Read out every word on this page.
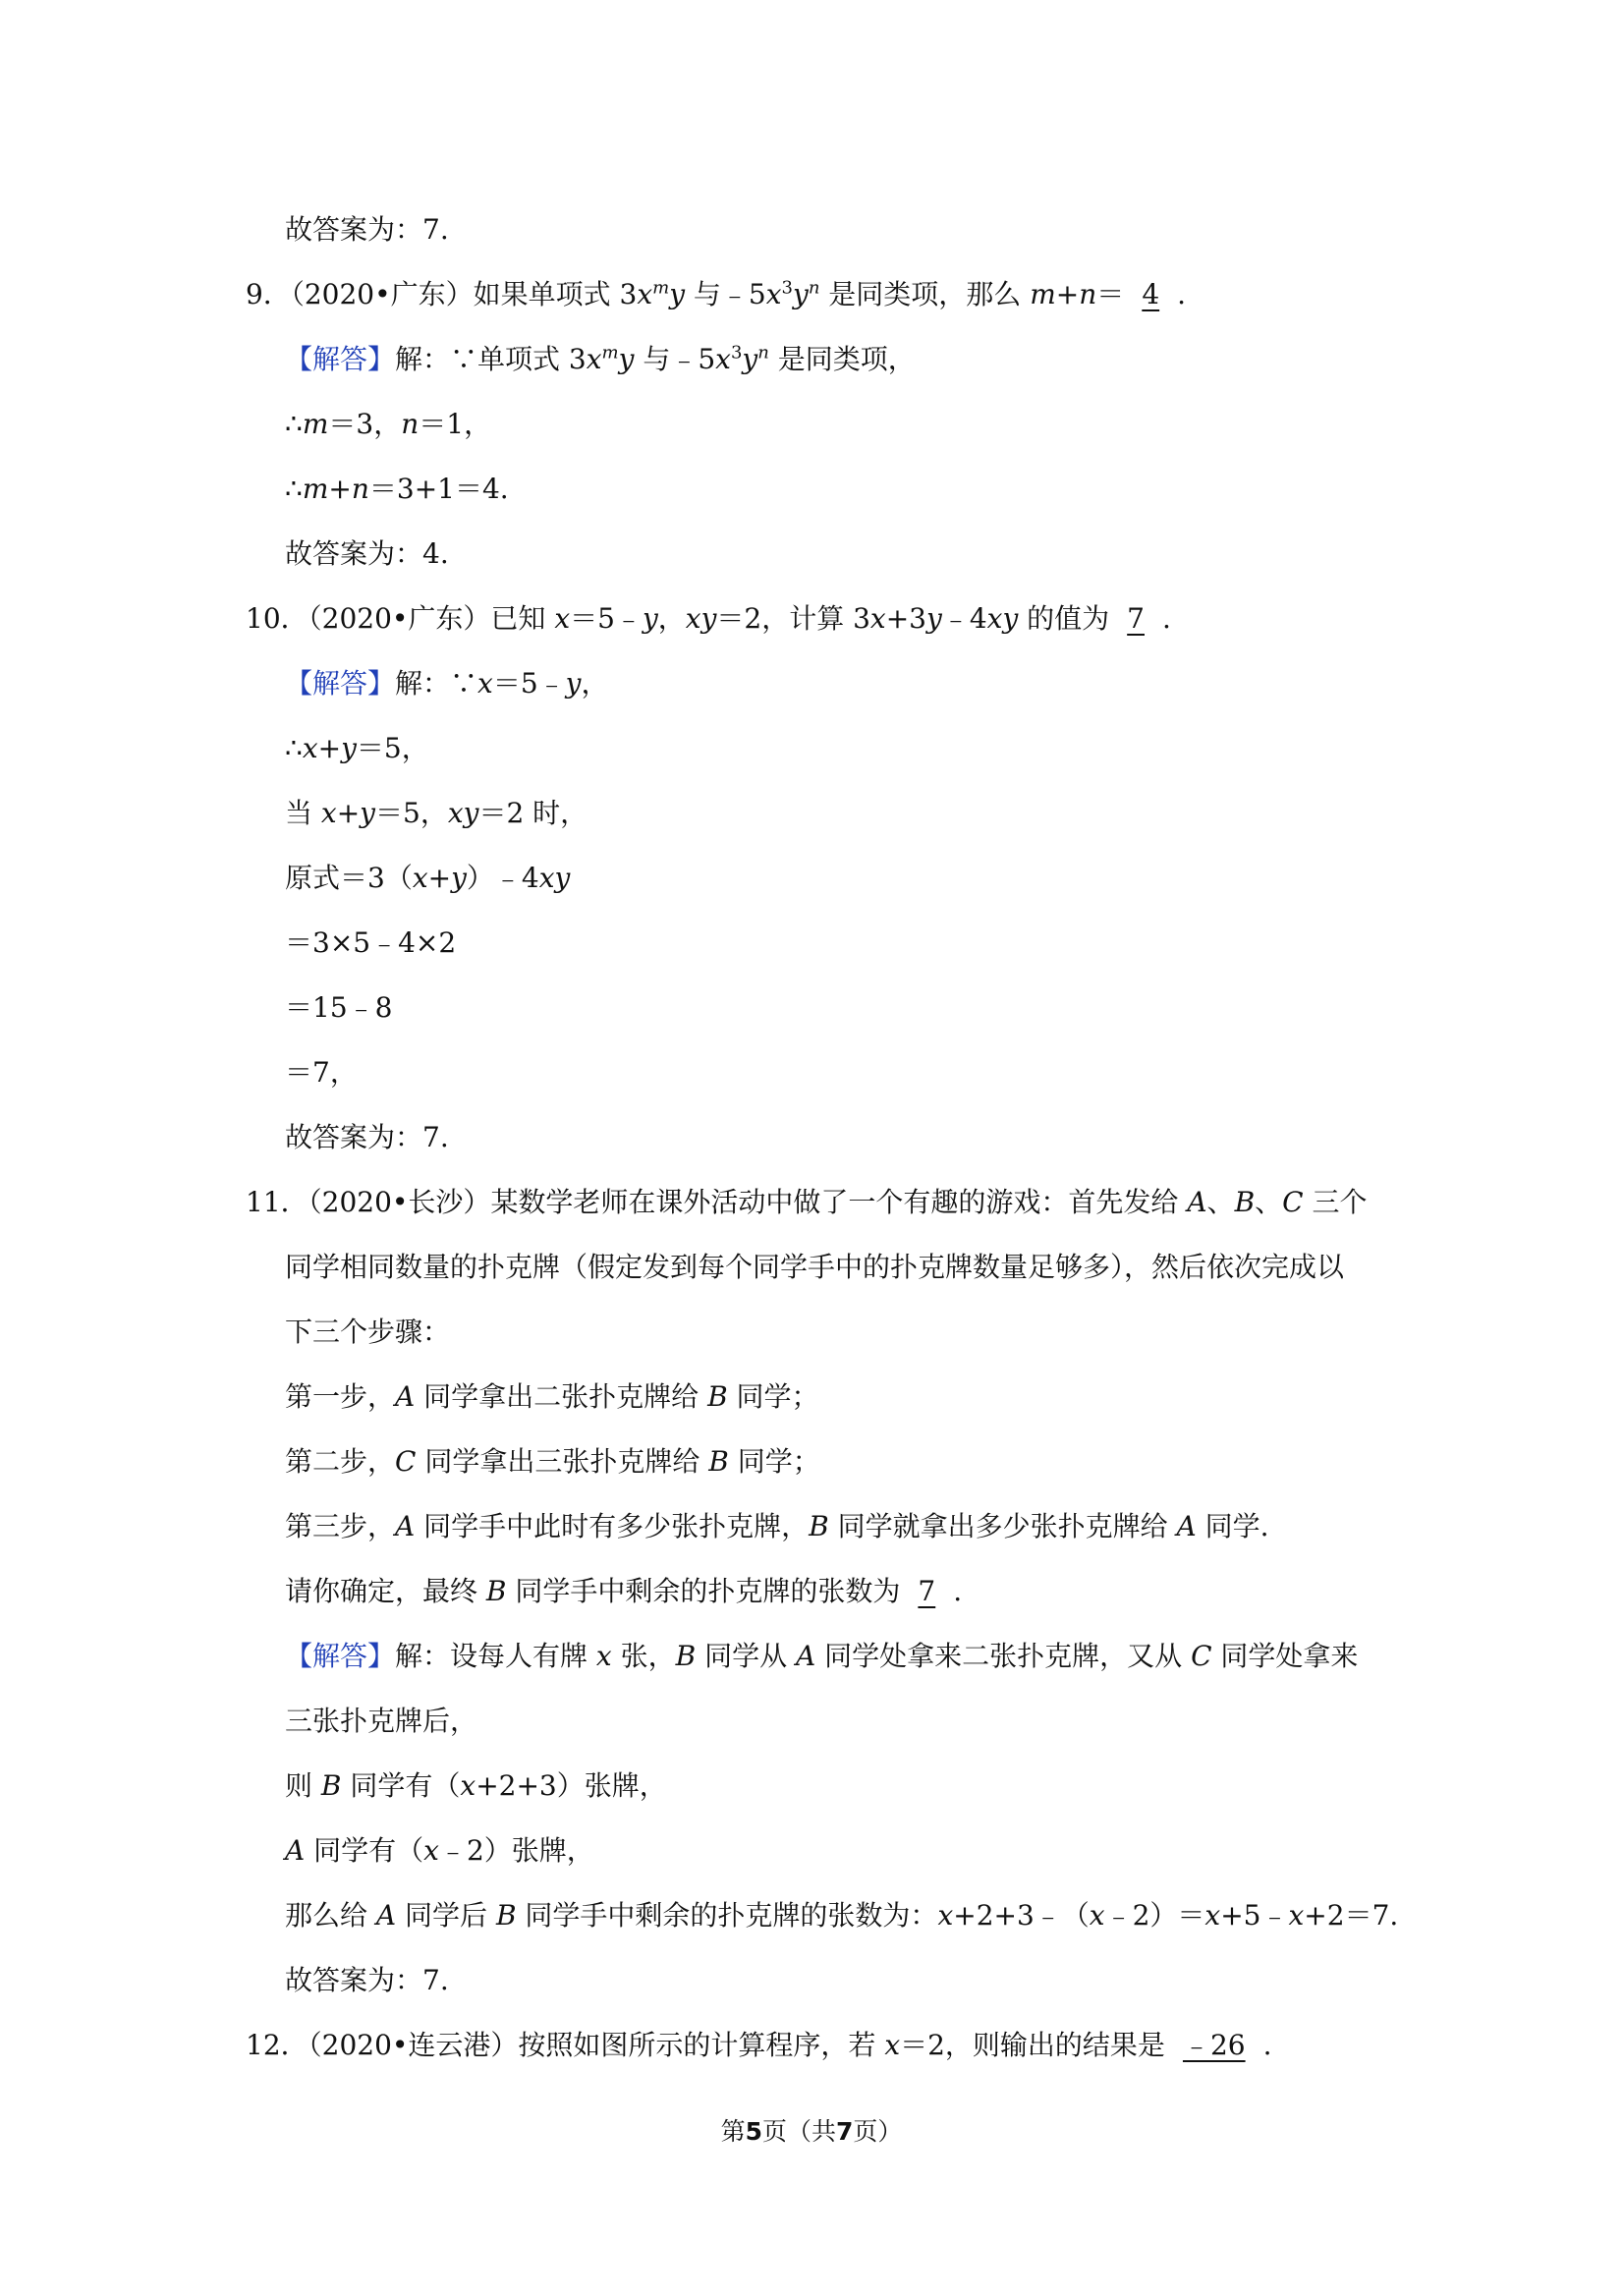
故答案为：7.
9．（2020•广东）如果单项式 $3x^my$ 与$﹣5x^3y^n$ 是同类项，那么 m+n＝ 4 .
【解答】解：∵单项式 $3x^my$ 与$﹣5x^3y^n$ 是同类项，
∴m＝3，n＝1，
∴m+n＝3+1＝4.
故答案为：4.
10．（2020•广东）已知 x＝5﹣y，xy＝2，计算 3x+3y﹣4xy 的值为 7 .
【解答】解：∵x＝5﹣y，
∴x+y＝5，
当 x+y＝5，xy＝2 时，
原式＝3（x+y）﹣4xy
＝3×5﹣4×2
＝15﹣8
＝7，
故答案为：7.
11．（2020•长沙）某数学老师在课外活动中做了一个有趣的游戏：首先发给 A、B、C 三个
同学相同数量的扑克牌（假定发到每个同学手中的扑克牌数量足够多），然后依次完成以
下三个步骤：
第一步，A 同学拿出二张扑克牌给 B 同学；
第二步，C 同学拿出三张扑克牌给 B 同学；
第三步，A 同学手中此时有多少张扑克牌，B 同学就拿出多少张扑克牌给 A 同学.
请你确定，最终 B 同学手中剩余的扑克牌的张数为 7 .
【解答】解：设每人有牌 x 张，B 同学从 A 同学处拿来二张扑克牌，又从 C 同学处拿来
三张扑克牌后，
则 B 同学有（x+2+3）张牌，
A 同学有（x﹣2）张牌，
那么给 A 同学后 B 同学手中剩余的扑克牌的张数为：x+2+3﹣（x﹣2）＝x+5﹣x+2＝7.
故答案为：7.
12．（2020•连云港）按照如图所示的计算程序，若 x＝2，则输出的结果是 ﹣26 .
第5页（共7页）
